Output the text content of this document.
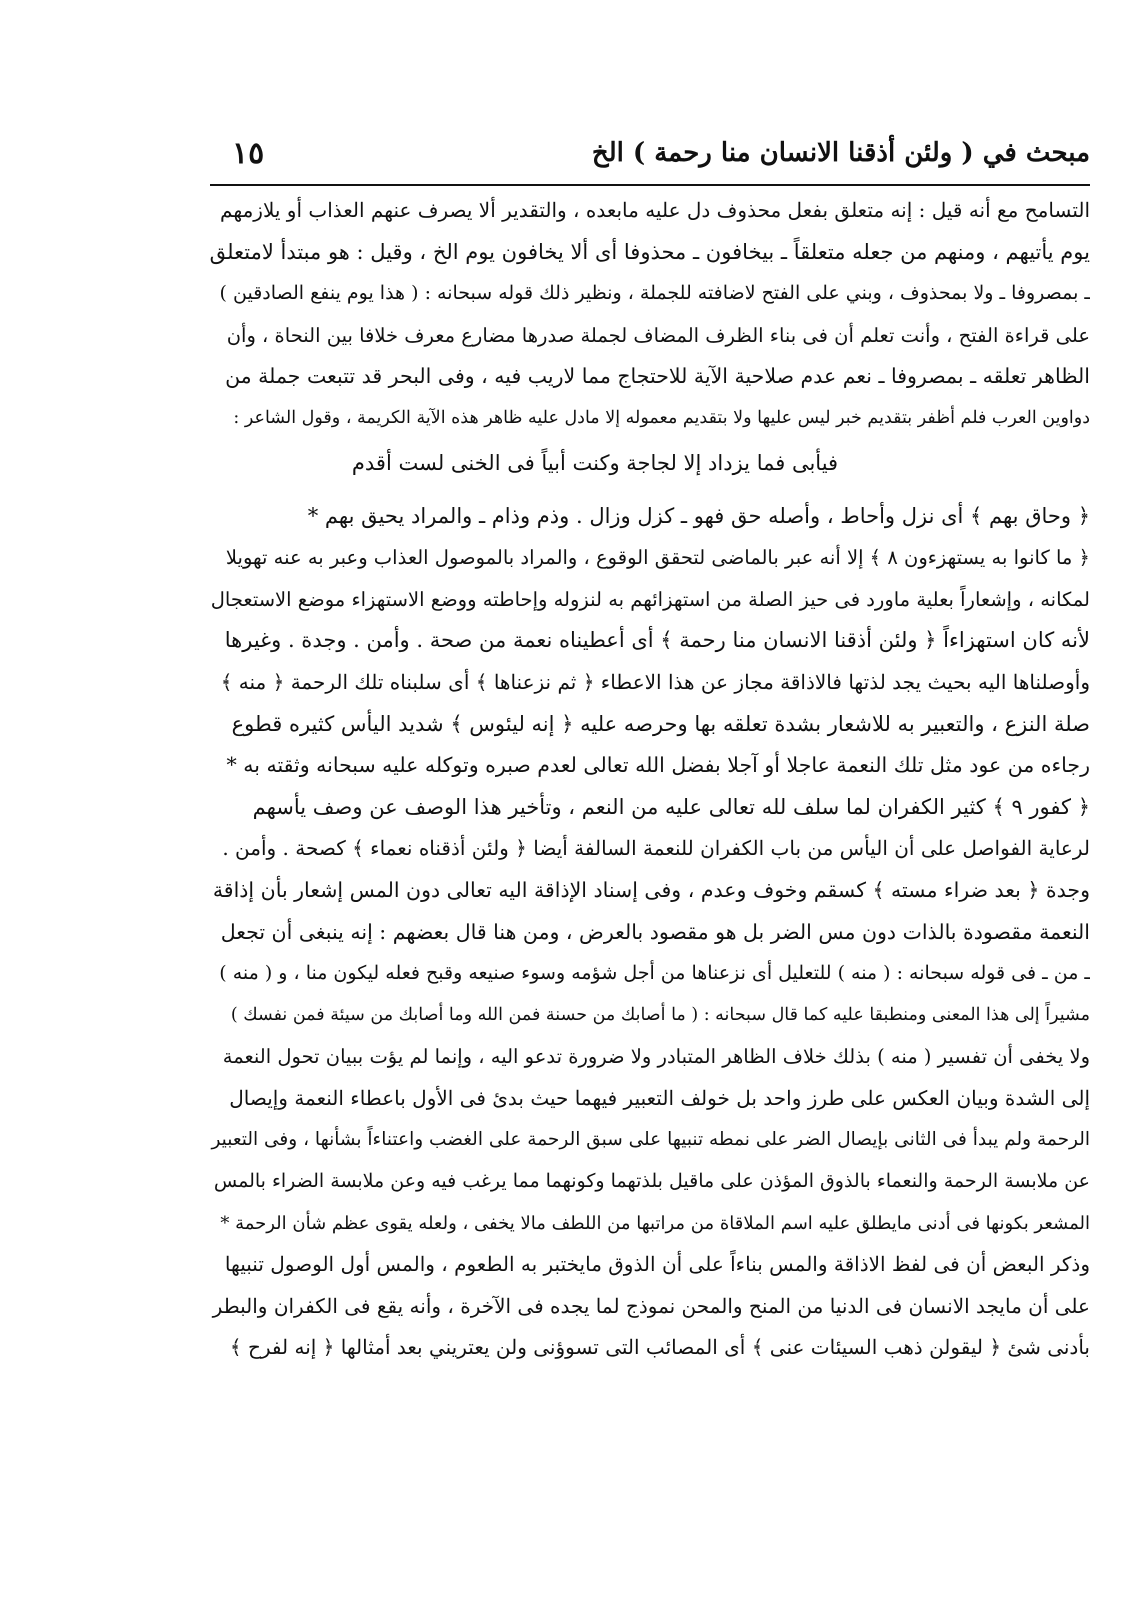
مبحث في ( ولئن أذقنا الانسان منا رحمة ) الخ
١٥
التسامح مع أنه قيل : إنه متعلق بفعل محذوف دل عليه مابعده ، والتقدير ألا يصرف عنهم العذاب أو يلازمهم
يوم يأتيهم ، ومنهم من جعله متعلقاً ـ بيخافون ـ محذوفا أى ألا يخافون يوم الخ ، وقيل : هو مبتدأ لامتعلق
ـ بمصروفا ـ ولا بمحذوف ، وبني على الفتح لاضافته للجملة ، ونظير ذلك قوله سبحانه : ( هذا يوم ينفع الصادقين )
على قراءة الفتح ، وأنت تعلم أن فى بناء الظرف المضاف لجملة صدرها مضارع معرف خلافا بين النحاة ، وأن
الظاهر تعلقه ـ بمصروفا ـ نعم عدم صلاحية الآية للاحتجاج مما لاريب فيه ، وفى البحر قد تتبعت جملة من
دواوين العرب فلم أظفر بتقديم خبر ليس عليها ولا بتقديم معموله إلا مادل عليه ظاهر هذه الآية الكريمة ، وقول الشاعر :
فيأبى فما يزداد إلا لجاجة وكنت أبياً فى الخنى لست أقدم
﴿ وحاق بهم ﴾ أى نزل وأحاط ، وأصله حق فهو ـ كزل وزال . وذم وذام ـ والمراد يحيق بهم *
﴿ ما كانوا به يستهزءون ٨ ﴾ إلا أنه عبر بالماضى لتحقق الوقوع ، والمراد بالموصول العذاب وعبر به عنه تهويلا
لمكانه ، وإشعاراً بعلية ماورد فى حيز الصلة من استهزائهم به لنزوله وإحاطته ووضع الاستهزاء موضع الاستعجال
لأنه كان استهزاءاً ﴿ ولئن أذقنا الانسان منا رحمة ﴾ أى أعطيناه نعمة من صحة . وأمن . وجدة . وغيرها
وأوصلناها اليه بحيث يجد لذتها فالاذاقة مجاز عن هذا الاعطاء ﴿ ثم نزعناها ﴾ أى سلبناه تلك الرحمة ﴿ منه ﴾
صلة النزع ، والتعبير به للاشعار بشدة تعلقه بها وحرصه عليه ﴿ إنه ليئوس ﴾ شديد اليأس كثيره قطوع
رجاءه من عود مثل تلك النعمة عاجلا أو آجلا بفضل الله تعالى لعدم صبره وتوكله عليه سبحانه وثقته به *
﴿ كفور ٩ ﴾ كثير الكفران لما سلف لله تعالى عليه من النعم ، وتأخير هذا الوصف عن وصف يأسهم
لرعاية الفواصل على أن اليأس من باب الكفران للنعمة السالفة أيضا ﴿ ولئن أذقناه نعماء ﴾ كصحة . وأمن .
وجدة ﴿ بعد ضراء مسته ﴾ كسقم وخوف وعدم ، وفى إسناد الإذاقة اليه تعالى دون المس إشعار بأن إذاقة
النعمة مقصودة بالذات دون مس الضر بل هو مقصود بالعرض ، ومن هنا قال بعضهم : إنه ينبغى أن تجعل
ـ من ـ فى قوله سبحانه : ( منه ) للتعليل أى نزعناها من أجل شؤمه وسوء صنيعه وقبح فعله ليكون منا ، و ( منه )
مشيراً إلى هذا المعنى ومنطبقا عليه كما قال سبحانه : ( ما أصابك من حسنة فمن الله وما أصابك من سيئة فمن نفسك )
ولا يخفى أن تفسير ( منه ) بذلك خلاف الظاهر المتبادر ولا ضرورة تدعو اليه ، وإنما لم يؤت ببيان تحول النعمة
إلى الشدة وبيان العكس على طرز واحد بل خولف التعبير فيهما حيث بدئ فى الأول باعطاء النعمة وإيصال
الرحمة ولم يبدأ فى الثانى بإيصال الضر على نمطه تنبيها على سبق الرحمة على الغضب واعتناءاً بشأنها ، وفى التعبير
عن ملابسة الرحمة والنعماء بالذوق المؤذن على ماقيل بلذتهما وكونهما مما يرغب فيه وعن ملابسة الضراء بالمس
المشعر بكونها فى أدنى مايطلق عليه اسم الملاقاة من مراتبها من اللطف مالا يخفى ، ولعله يقوى عظم شأن الرحمة *
وذكر البعض أن فى لفظ الاذاقة والمس بناءاً على أن الذوق مايختبر به الطعوم ، والمس أول الوصول تنبيها
على أن مايجد الانسان فى الدنيا من المنح والمحن نموذج لما يجده فى الآخرة ، وأنه يقع فى الكفران والبطر
بأدنى شئ ﴿ ليقولن ذهب السيئات عنى ﴾ أى المصائب التى تسوؤنى ولن يعتريني بعد أمثالها ﴿ إنه لفرح ﴾
